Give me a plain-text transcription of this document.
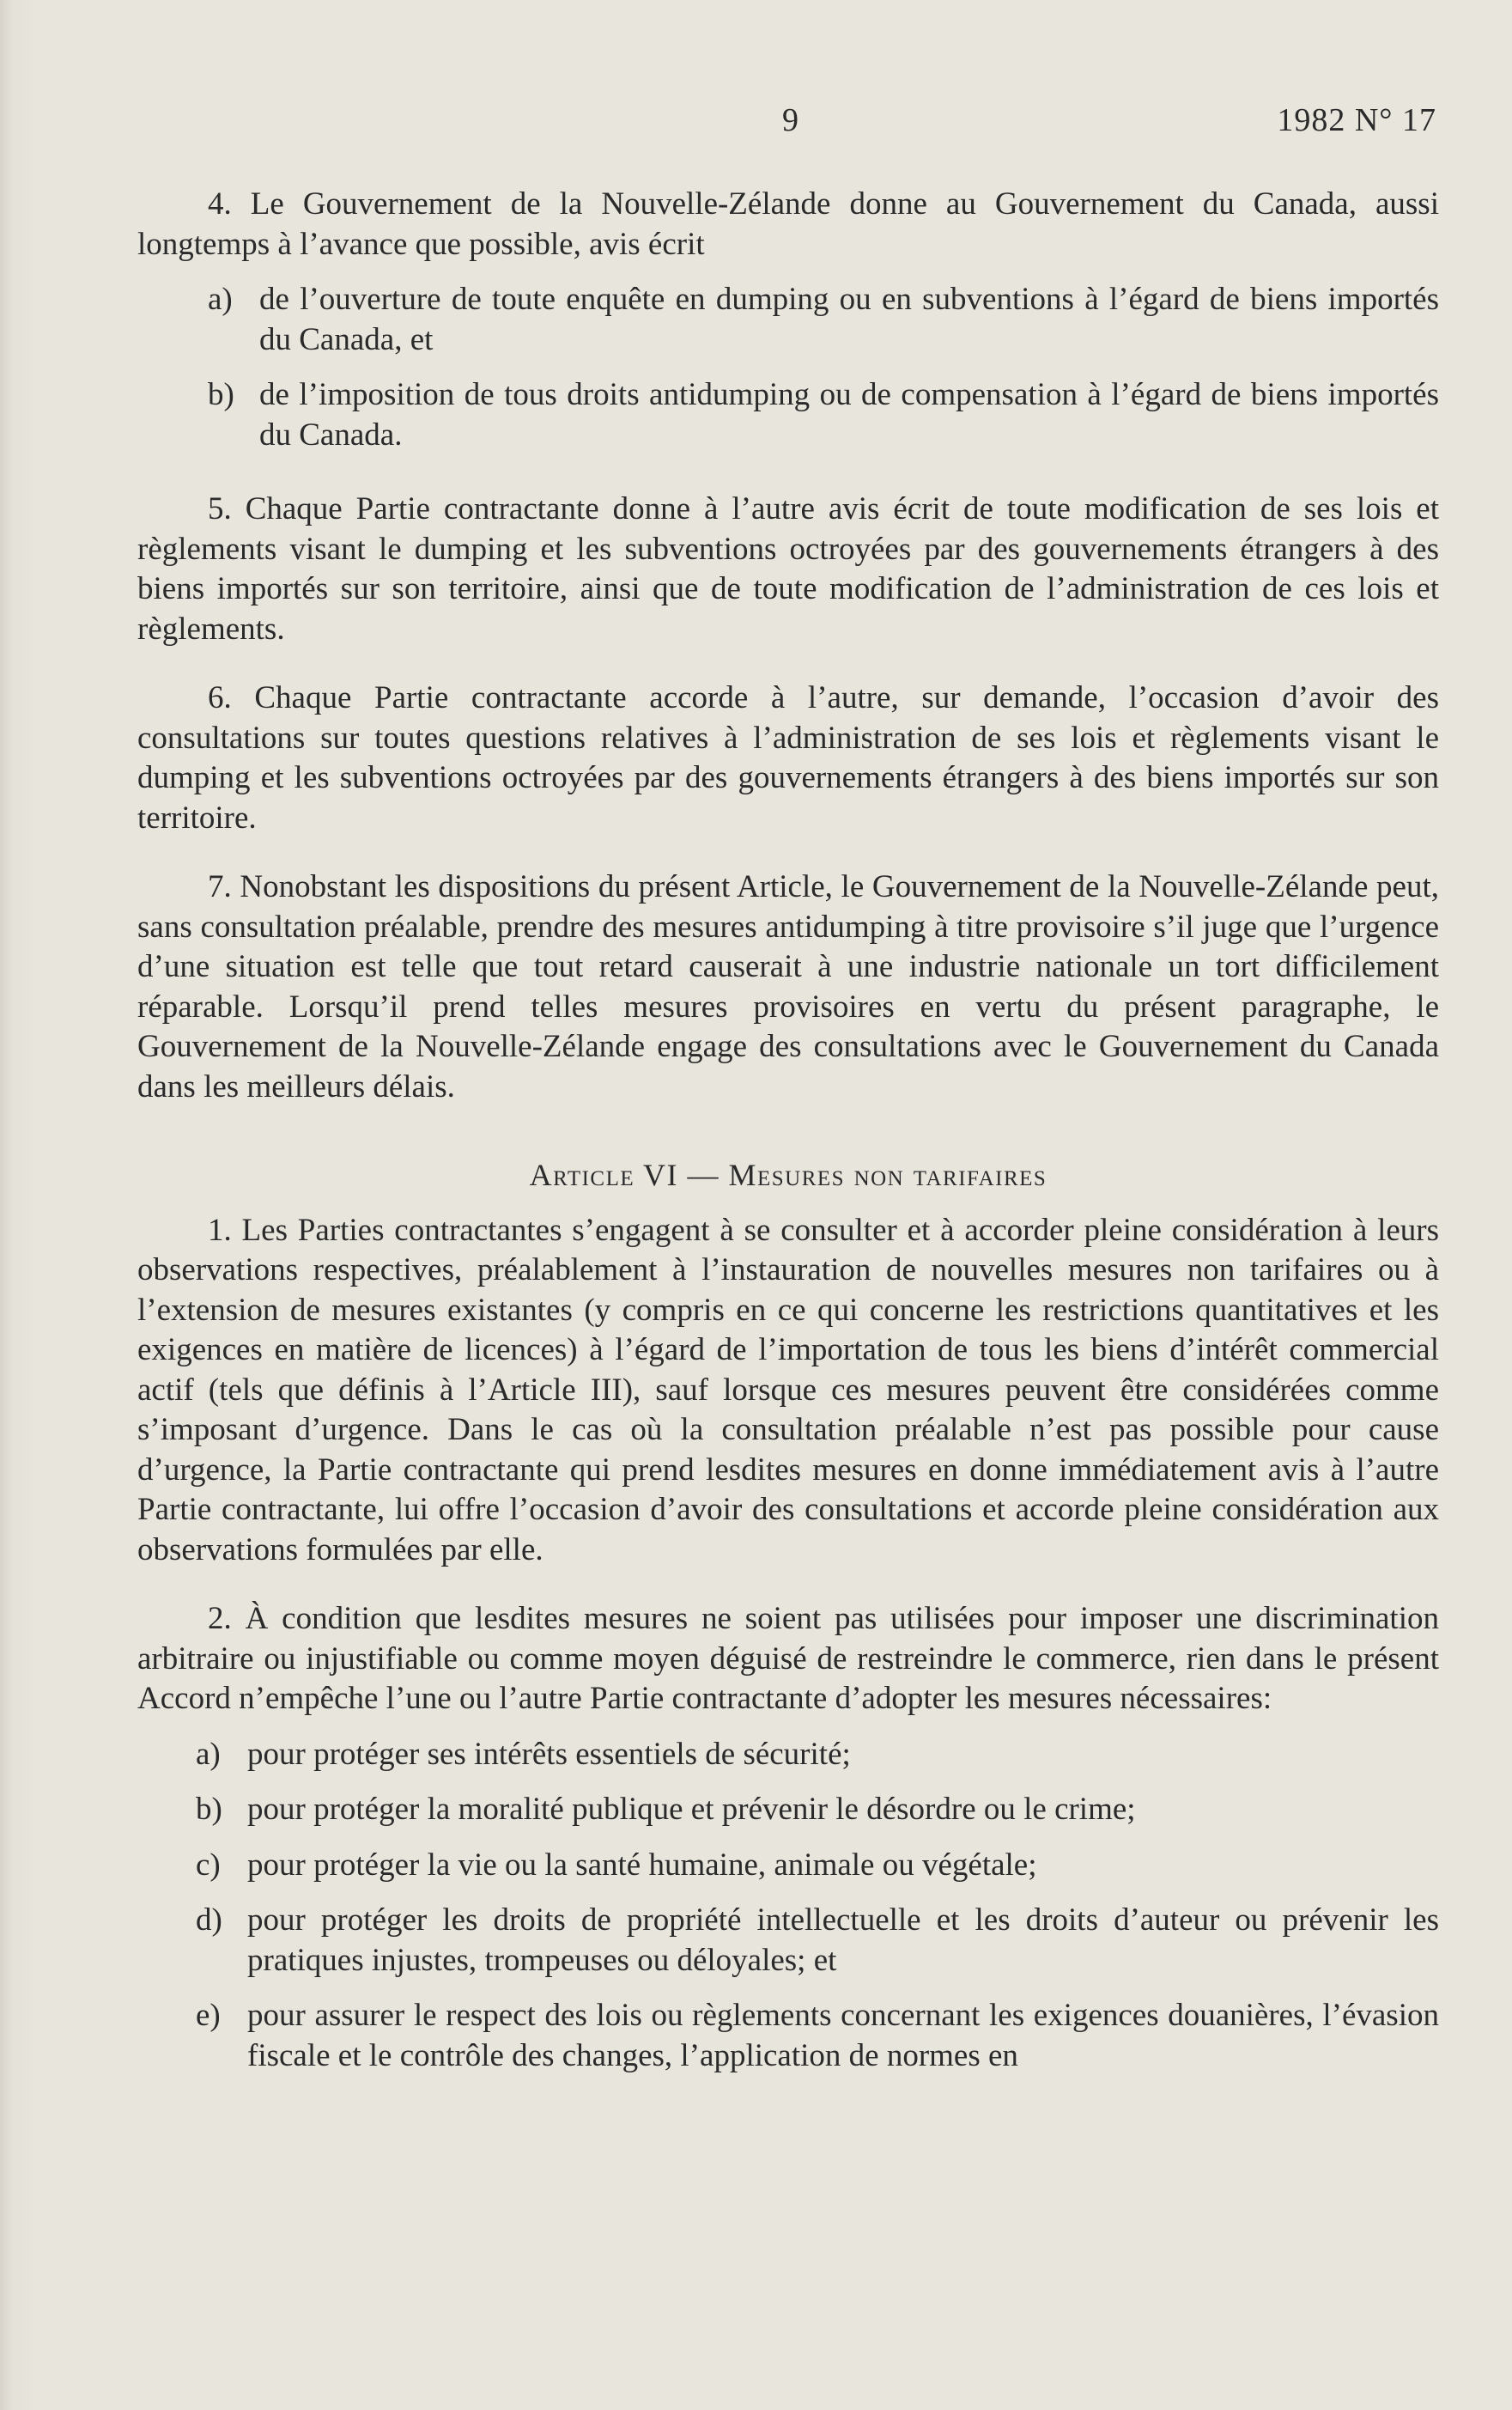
9	1982 N° 17

4. Le Gouvernement de la Nouvelle-Zélande donne au Gouvernement du Canada, aussi longtemps à l’avance que possible, avis écrit

a) de l’ouverture de toute enquête en dumping ou en subventions à l’égard de biens importés du Canada, et
b) de l’imposition de tous droits antidumping ou de compensation à l’égard de biens importés du Canada.

5. Chaque Partie contractante donne à l’autre avis écrit de toute modification de ses lois et règlements visant le dumping et les subventions octroyées par des gouvernements étrangers à des biens importés sur son territoire, ainsi que de toute modification de l’administration de ces lois et règlements.

6. Chaque Partie contractante accorde à l’autre, sur demande, l’occasion d’avoir des consultations sur toutes questions relatives à l’administration de ses lois et règlements visant le dumping et les subventions octroyées par des gouvernements étrangers à des biens importés sur son territoire.

7. Nonobstant les dispositions du présent Article, le Gouvernement de la Nouvelle-Zélande peut, sans consultation préalable, prendre des mesures antidumping à titre provisoire s’il juge que l’urgence d’une situation est telle que tout retard causerait à une industrie nationale un tort difficilement réparable. Lorsqu’il prend telles mesures provisoires en vertu du présent paragraphe, le Gouvernement de la Nouvelle-Zélande engage des consultations avec le Gouvernement du Canada dans les meilleurs délais.

Article VI — Mesures non tarifaires

1. Les Parties contractantes s’engagent à se consulter et à accorder pleine considération à leurs observations respectives, préalablement à l’instauration de nouvelles mesures non tarifaires ou à l’extension de mesures existantes (y compris en ce qui concerne les restrictions quantitatives et les exigences en matière de licences) à l’égard de l’importation de tous les biens d’intérêt commercial actif (tels que définis à l’Article III), sauf lorsque ces mesures peuvent être considérées comme s’imposant d’urgence. Dans le cas où la consultation préalable n’est pas possible pour cause d’urgence, la Partie contractante qui prend lesdites mesures en donne immédiatement avis à l’autre Partie contractante, lui offre l’occasion d’avoir des consultations et accorde pleine considération aux observations formulées par elle.

2. À condition que lesdites mesures ne soient pas utilisées pour imposer une discrimination arbitraire ou injustifiable ou comme moyen déguisé de restreindre le commerce, rien dans le présent Accord n’empêche l’une ou l’autre Partie contractante d’adopter les mesures nécessaires:

a) pour protéger ses intérêts essentiels de sécurité;
b) pour protéger la moralité publique et prévenir le désordre ou le crime;
c) pour protéger la vie ou la santé humaine, animale ou végétale;
d) pour protéger les droits de propriété intellectuelle et les droits d’auteur ou prévenir les pratiques injustes, trompeuses ou déloyales; et
e) pour assurer le respect des lois ou règlements concernant les exigences douanières, l’évasion fiscale et le contrôle des changes, l’application de normes en
